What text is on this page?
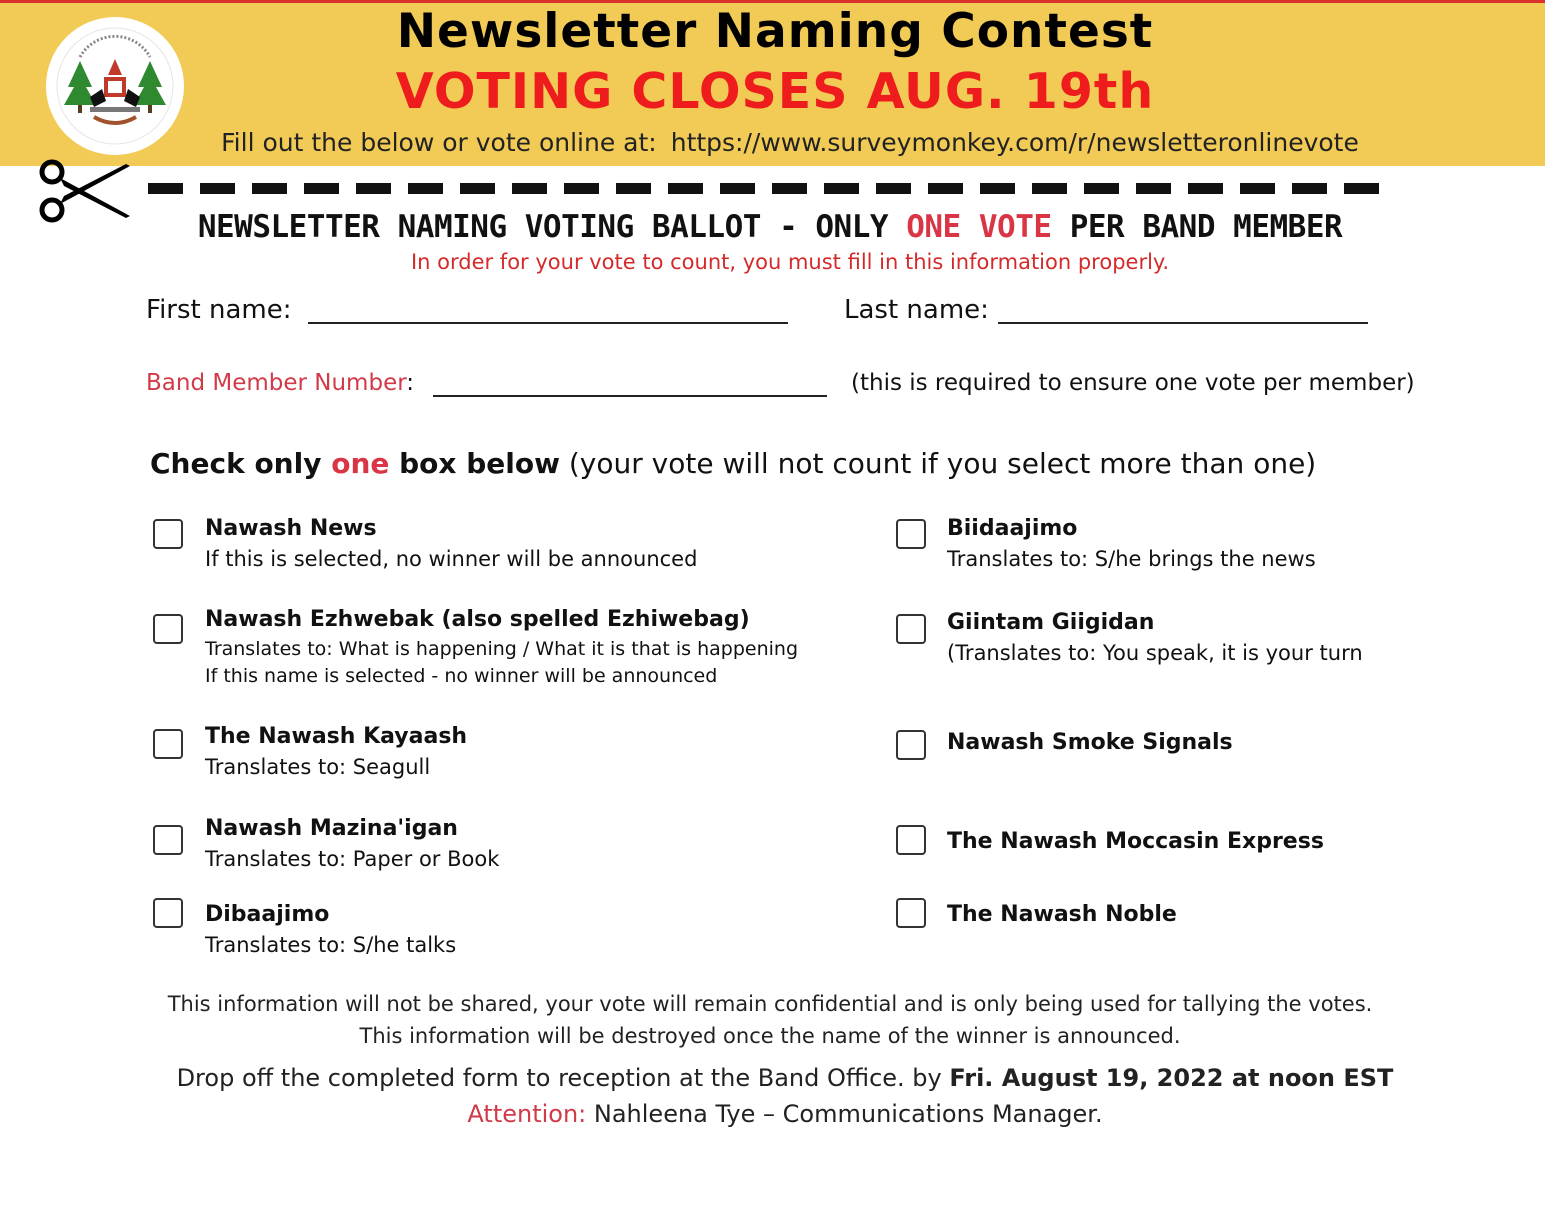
Newsletter Naming Contest
VOTING CLOSES AUG. 19th
Fill out the below or vote online at: https://www.surveymonkey.com/r/newsletteronlinevote
NEWSLETTER NAMING VOTING BALLOT - ONLY ONE VOTE PER BAND MEMBER
In order for your vote to count, you must fill in this information properly.
First name:	Last name:
Band Member Number:	(this is required to ensure one vote per member)
Check only one box below (your vote will not count if you select more than one)
Nawash News
If this is selected, no winner will be announced
Nawash Ezhwebak (also spelled Ezhiwebag)
Translates to: What is happening / What it is that is happening
If this name is selected - no winner will be announced
The Nawash Kayaash
Translates to: Seagull
Nawash Mazina'igan
Translates to: Paper or Book
Dibaajimo
Translates to: S/he talks
Biidaajimo
Translates to: S/he brings the news
Giintam Giigidan
(Translates to: You speak, it is your turn
Nawash Smoke Signals
The Nawash Moccasin Express
The Nawash Noble
This information will not be shared, your vote will remain confidential and is only being used for tallying the votes.
This information will be destroyed once the name of the winner is announced.
Drop off the completed form to reception at the Band Office. by Fri. August 19, 2022 at noon EST
Attention: Nahleena Tye – Communications Manager.
